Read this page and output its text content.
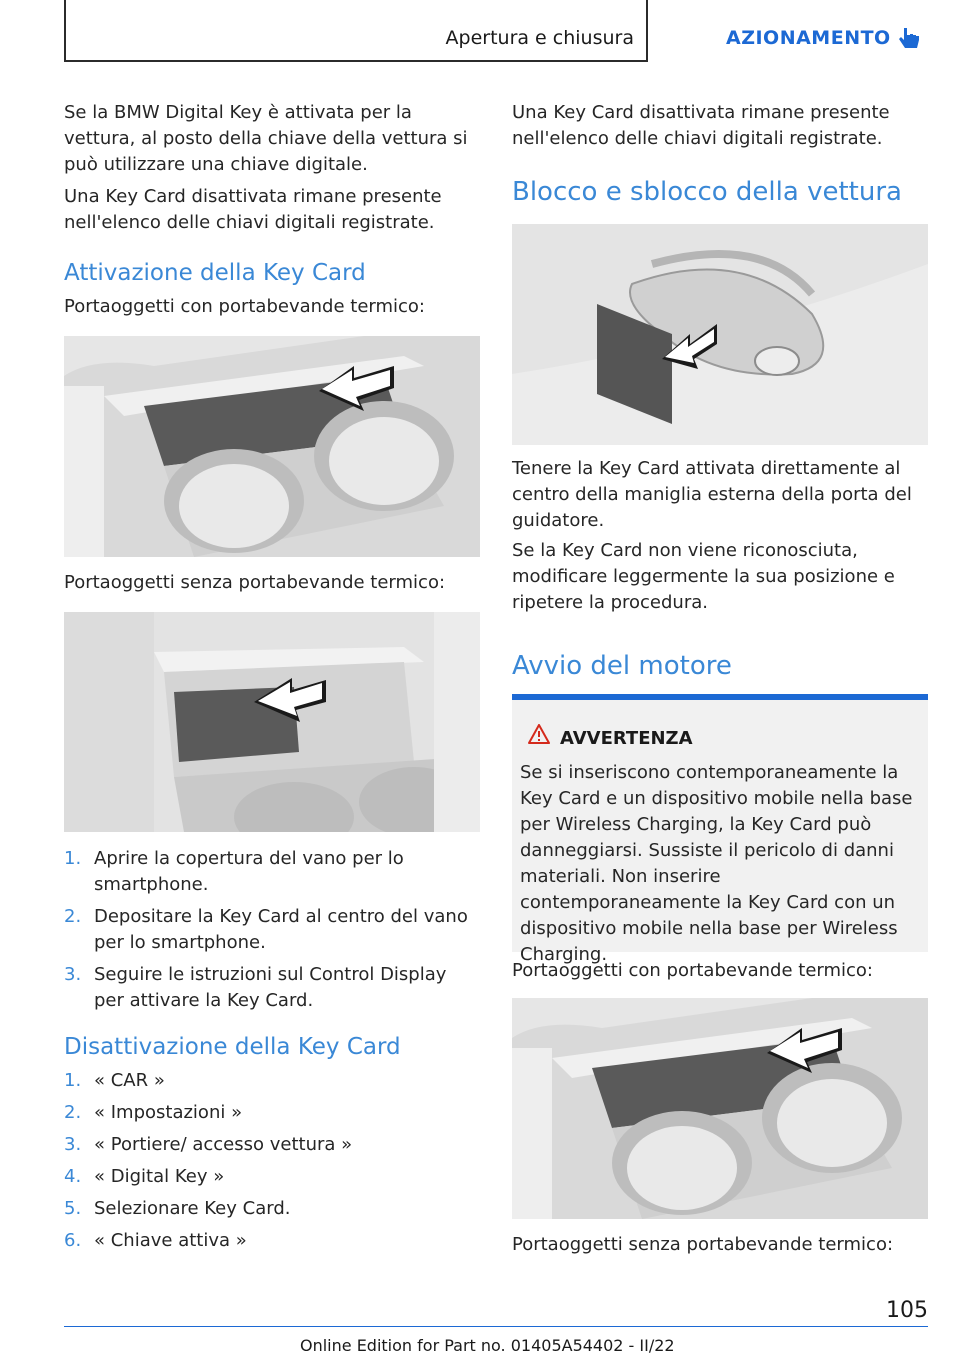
Apertura e chiusura	AZIONAMENTO

Se la BMW Digital Key è attivata per la vettura, al posto della chiave della vettura si può utilizzare una chiave digitale.

Una Key Card disattivata rimane presente nell'elenco delle chiavi digitali registrate.

Attivazione della Key Card

Portaoggetti con portabevande termico:

Portaoggetti senza portabevande termico:

1. Aprire la copertura del vano per lo smartphone.
2. Depositare la Key Card al centro del vano per lo smartphone.
3. Seguire le istruzioni sul Control Display per attivare la Key Card.
Disattivazione della Key Card
1. « CAR »
2. « Impostazioni »
3. « Portiere/ accesso vettura »
4. « Digital Key »
5. Selezionare Key Card.
6. « Chiave attiva »

Una Key Card disattivata rimane presente nell'elenco delle chiavi digitali registrate.

Blocco e sblocco della vettura

Tenere la Key Card attivata direttamente al centro della maniglia esterna della porta del guidatore.

Se la Key Card non viene riconosciuta, modificare leggermente la sua posizione e ripetere la procedura.

Avvio del motore
AVVERTENZA

Se si inseriscono contemporaneamente la Key Card e un dispositivo mobile nella base per Wireless Charging, la Key Card può danneggiarsi. Sussiste il pericolo di danni materiali. Non inserire contemporaneamente la Key Card con un dispositivo mobile nella base per Wireless Charging.

Portaoggetti con portabevande termico:

Portaoggetti senza portabevande termico:

105
Online Edition for Part no. 01405A54402 - II/22
